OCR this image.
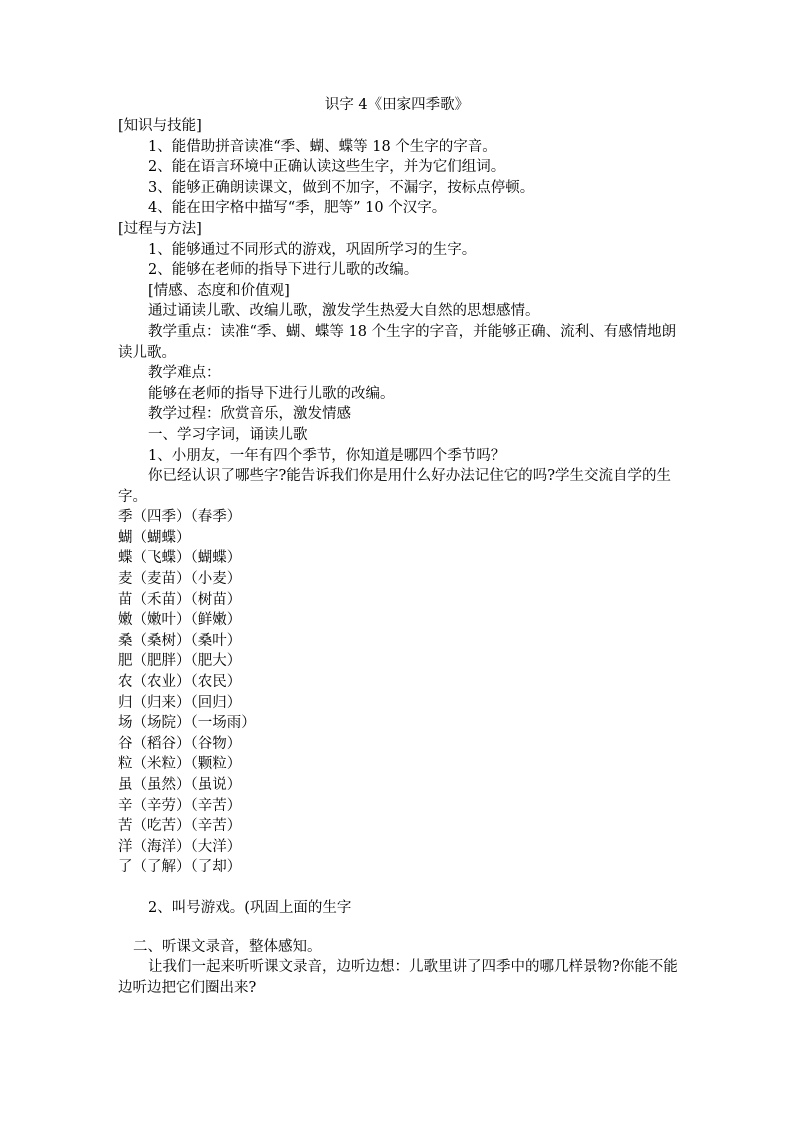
识字 4《田家四季歌》
[知识与技能]
1、能借助拼音读准“季、蝴、蝶等 18 个生字的字音。
2、能在语言环境中正确认读这些生字，并为它们组词。
3、能够正确朗读课文，做到不加字，不漏字，按标点停顿。
4、能在田字格中描写“季，肥等” 10 个汉字。
[过程与方法]
1、能够通过不同形式的游戏，巩固所学习的生字。
2、能够在老师的指导下进行儿歌的改编。
[情感、态度和价值观]
通过诵读儿歌、改编儿歌，激发学生热爱大自然的思想感情。
教学重点：读准“季、蝴、蝶等 18 个生字的字音，并能够正确、流利、有感情地朗读儿歌。
教学难点：
能够在老师的指导下进行儿歌的改编。
教学过程：欣赏音乐，激发情感
一、学习字词，诵读儿歌
1、小朋友，一年有四个季节，你知道是哪四个季节吗？
你已经认识了哪些字?能告诉我们你是用什么好办法记住它的吗?学生交流自学的生字。
季（四季）（春季）
蝴（蝴蝶）
蝶（飞蝶）（蝴蝶）
麦（麦苗）（小麦）
苗（禾苗）（树苗）
嫩（嫩叶）（鲜嫩）
桑（桑树）（桑叶）
肥（肥胖）（肥大）
农（农业）（农民）
归（归来）（回归）
场（场院）（一场雨）
谷（稻谷）（谷物）
粒（米粒）（颗粒）
虽（虽然）（虽说）
辛（辛劳）（辛苦）
苦（吃苦）（辛苦）
洋（海洋）（大洋）
了（了解）（了却）
2、叫号游戏。(巩固上面的生字
二、听课文录音，整体感知。
让我们一起来听听课文录音，边听边想：儿歌里讲了四季中的哪几样景物?你能不能边听边把它们圈出来?
